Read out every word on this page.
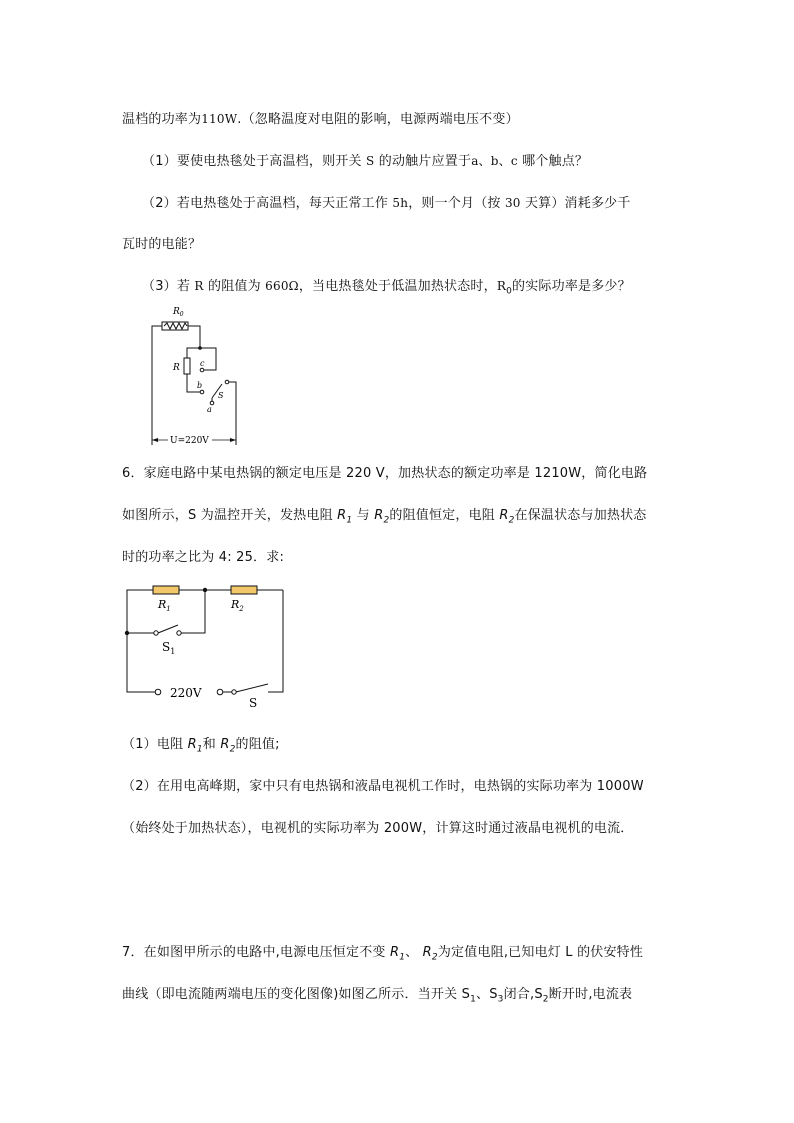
温档的功率为110W.（忽略温度对电阻的影响，电源两端电压不变）
（1）要使电热毯处于高温档，则开关 S 的动触片应置于a、b、c 哪个触点？
（2）若电热毯处于高温档，每天正常工作 5h，则一个月（按 30 天算）消耗多少千
瓦时的电能？
（3）若 R 的阻值为 660Ω，当电热毯处于低温加热状态时，$R_0$的实际功率是多少？
$R_0$
R	c
b
a
S
U=220V
6．家庭电路中某电热锅的额定电压是 220 V，加热状态的额定功率是 1210W，简化电路
如图所示，S 为温控开关，发热电阻 $R_1$ 与 $R_2$的阻值恒定，电阻 $R_2$在保温状态与加热状态
时的功率之比为 4: 25．求:
$R_1$	$R_2$
$S_1$
220V
S
（1）电阻 $R_1$和 $R_2$的阻值;
（2）在用电高峰期，家中只有电热锅和液晶电视机工作时，电热锅的实际功率为 1000W
（始终处于加热状态），电视机的实际功率为 200W，计算这时通过液晶电视机的电流．
7．在如图甲所示的电路中,电源电压恒定不变 $R_1$、 $R_2$为定值电阻,已知电灯 L 的伏安特性
曲线（即电流随两端电压的变化图像)如图乙所示．当开关 $S_1$、$S_3$闭合$,S_2$断开时,电流表
